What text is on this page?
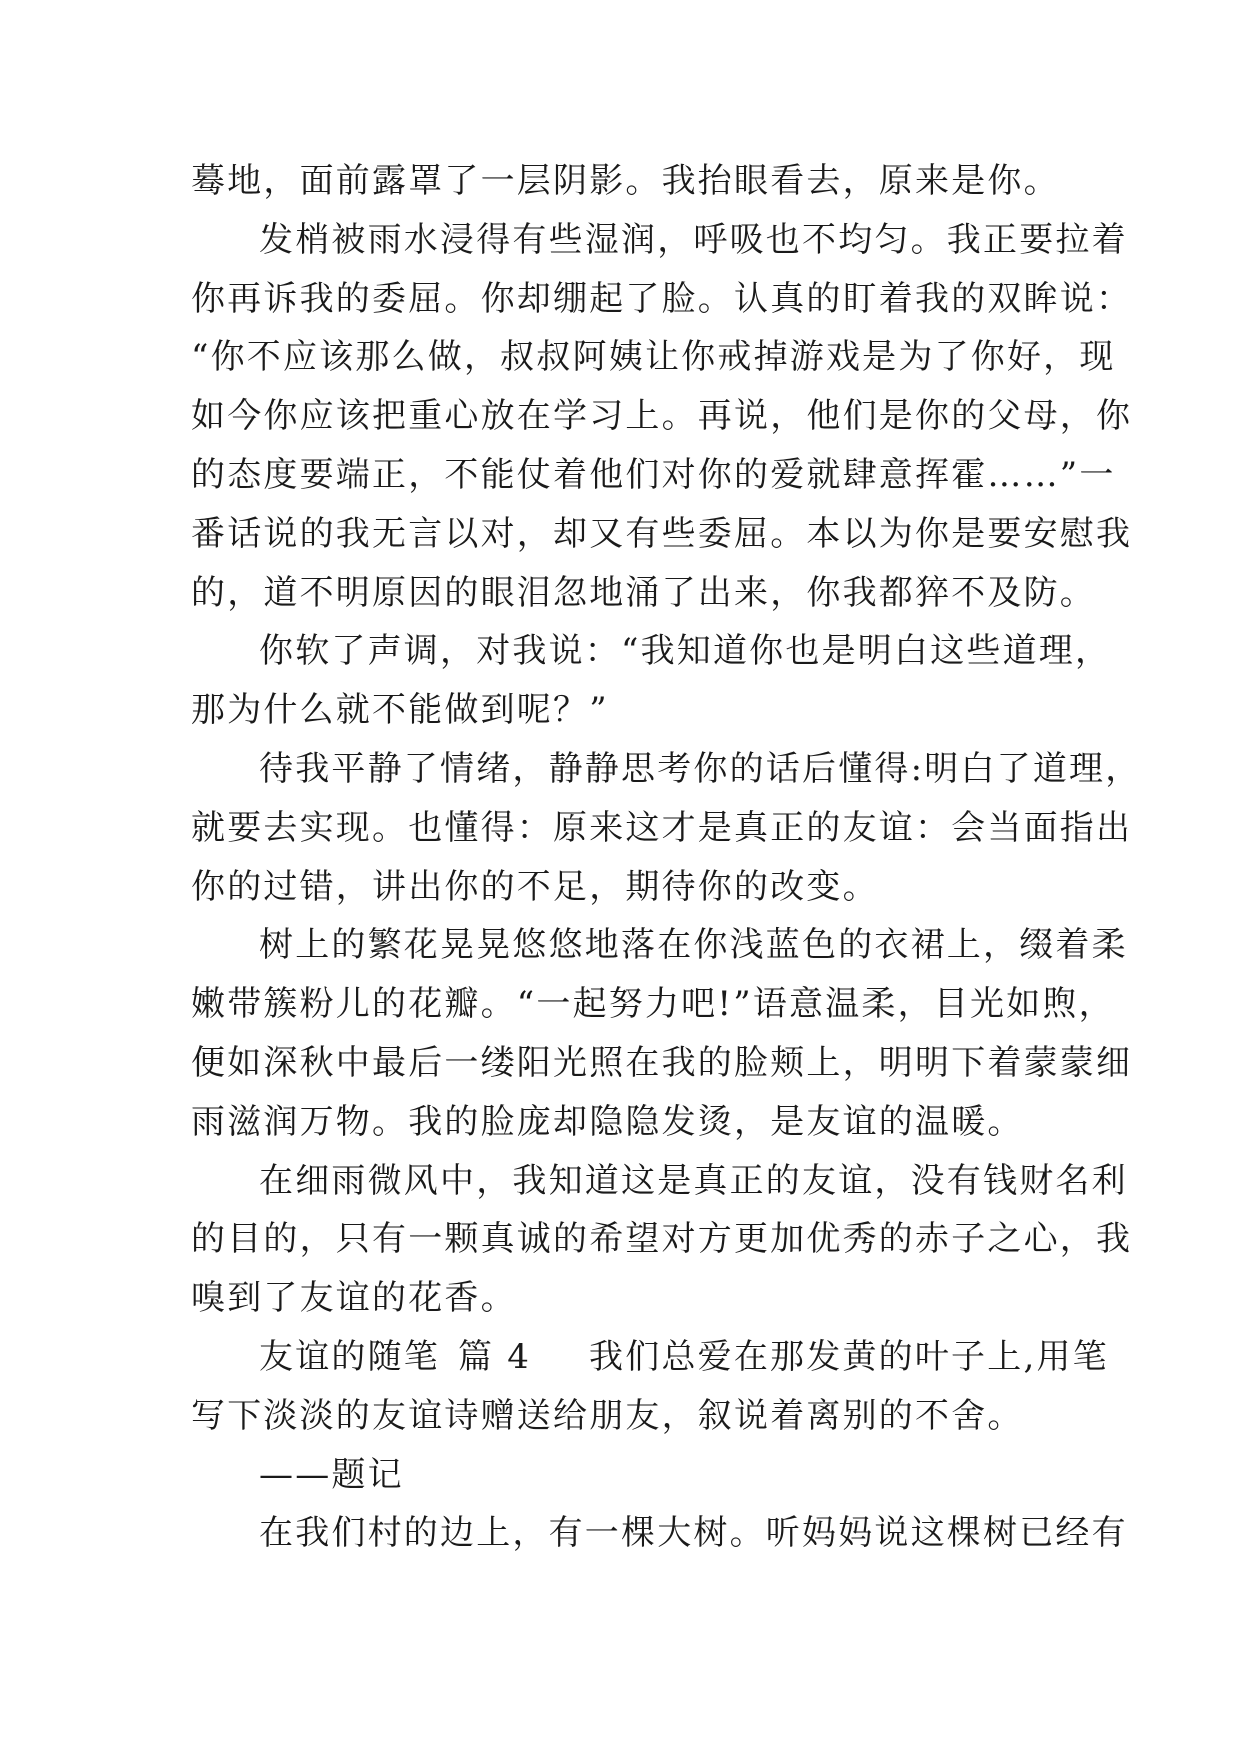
蓦地，面前露罩了一层阴影。我抬眼看去，原来是你。
发梢被雨水浸得有些湿润，呼吸也不均匀。我正要拉着
你再诉我的委屈。你却绷起了脸。认真的盯着我的双眸说：
“你不应该那么做，叔叔阿姨让你戒掉游戏是为了你好，现
如今你应该把重心放在学习上。再说，他们是你的父母，你
的态度要端正，不能仗着他们对你的爱就肆意挥霍……”一
番话说的我无言以对，却又有些委屈。本以为你是要安慰我
的，道不明原因的眼泪忽地涌了出来，你我都猝不及防。
你软了声调，对我说：“我知道你也是明白这些道理，
那为什么就不能做到呢？”
待我平静了情绪，静静思考你的话后懂得:明白了道理，
就要去实现。也懂得：原来这才是真正的友谊：会当面指出
你的过错，讲出你的不足，期待你的改变。
树上的繁花晃晃悠悠地落在你浅蓝色的衣裙上，缀着柔
嫩带簇粉儿的花瓣。“一起努力吧!”语意温柔，目光如煦，
便如深秋中最后一缕阳光照在我的脸颊上，明明下着蒙蒙细
雨滋润万物。我的脸庞却隐隐发烫，是友谊的温暖。
在细雨微风中，我知道这是真正的友谊，没有钱财名利
的目的，只有一颗真诚的希望对方更加优秀的赤子之心，我
嗅到了友谊的花香。
友谊的随笔 篇 4 我们总爱在那发黄的叶子上,用笔
写下淡淡的友谊诗赠送给朋友，叙说着离别的不舍。
——题记
在我们村的边上，有一棵大树。听妈妈说这棵树已经有
